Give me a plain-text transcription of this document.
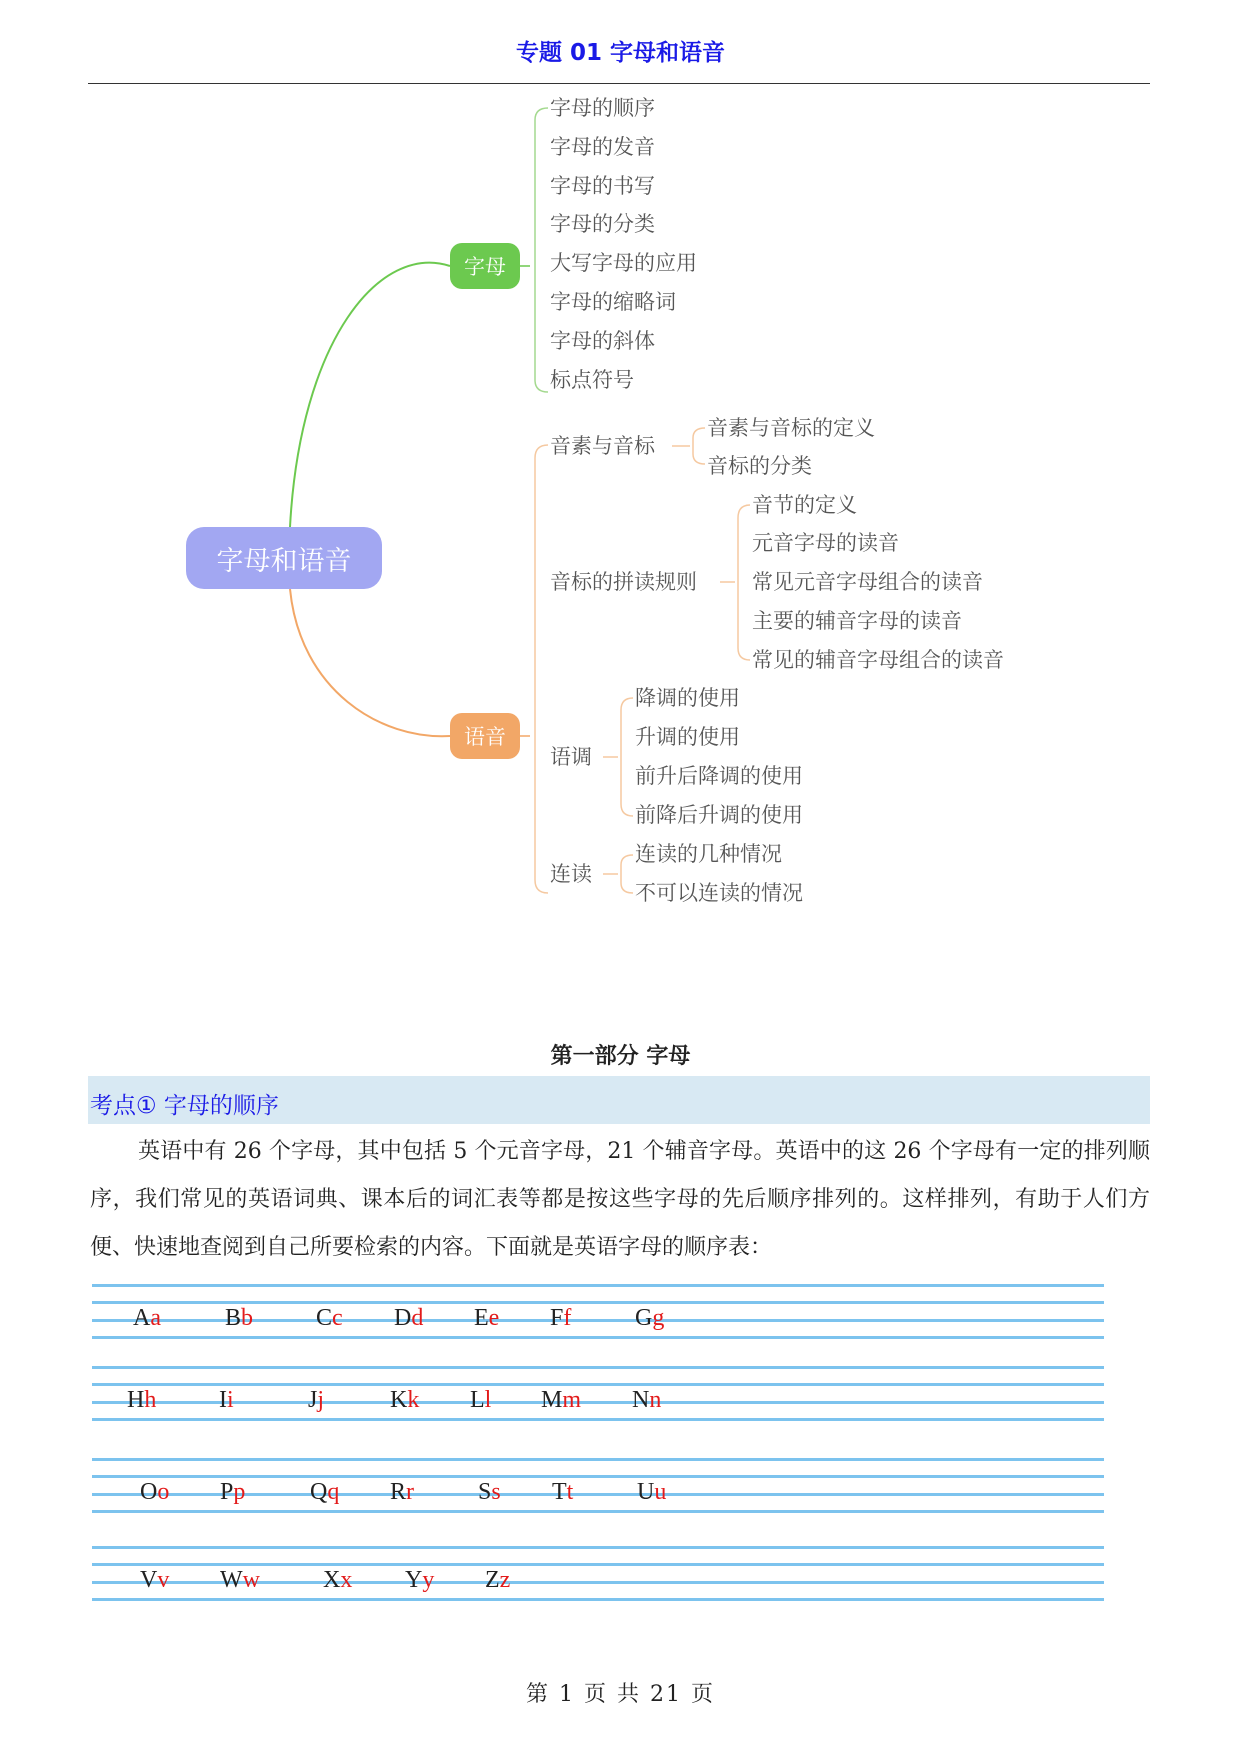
专题 01 字母和语音
字母和语音
字母
语音
字母的顺序
字母的发音
字母的书写
字母的分类
大写字母的应用
字母的缩略词
字母的斜体
标点符号
音素与音标
音素与音标的定义
音标的分类
音标的拼读规则
音节的定义
元音字母的读音
常见元音字母组合的读音
主要的辅音字母的读音
常见的辅音字母组合的读音
语调
降调的使用
升调的使用
前升后降调的使用
前降后升调的使用
连读
连读的几种情况
不可以连读的情况
第一部分 字母
考点① 字母的顺序
英语中有 26 个字母，其中包括 5 个元音字母，21 个辅音字母。英语中的这 26 个字母有一定的排列顺序，我们常见的英语词典、课本后的词汇表等都是按这些字母的先后顺序排列的。这样排列，有助于人们方便、快速地查阅到自己所要检索的内容。下面就是英语字母的顺序表：
Aa	Bb	Cc Dd Ee Ff	Gg
Hh	Ii	Jj	Kk Ll Mm Nn
Oo Pp	Qq Rr	Ss Tt	Uu
Vv Ww	Xx Yy Zz
第 1 页 共 21 页
